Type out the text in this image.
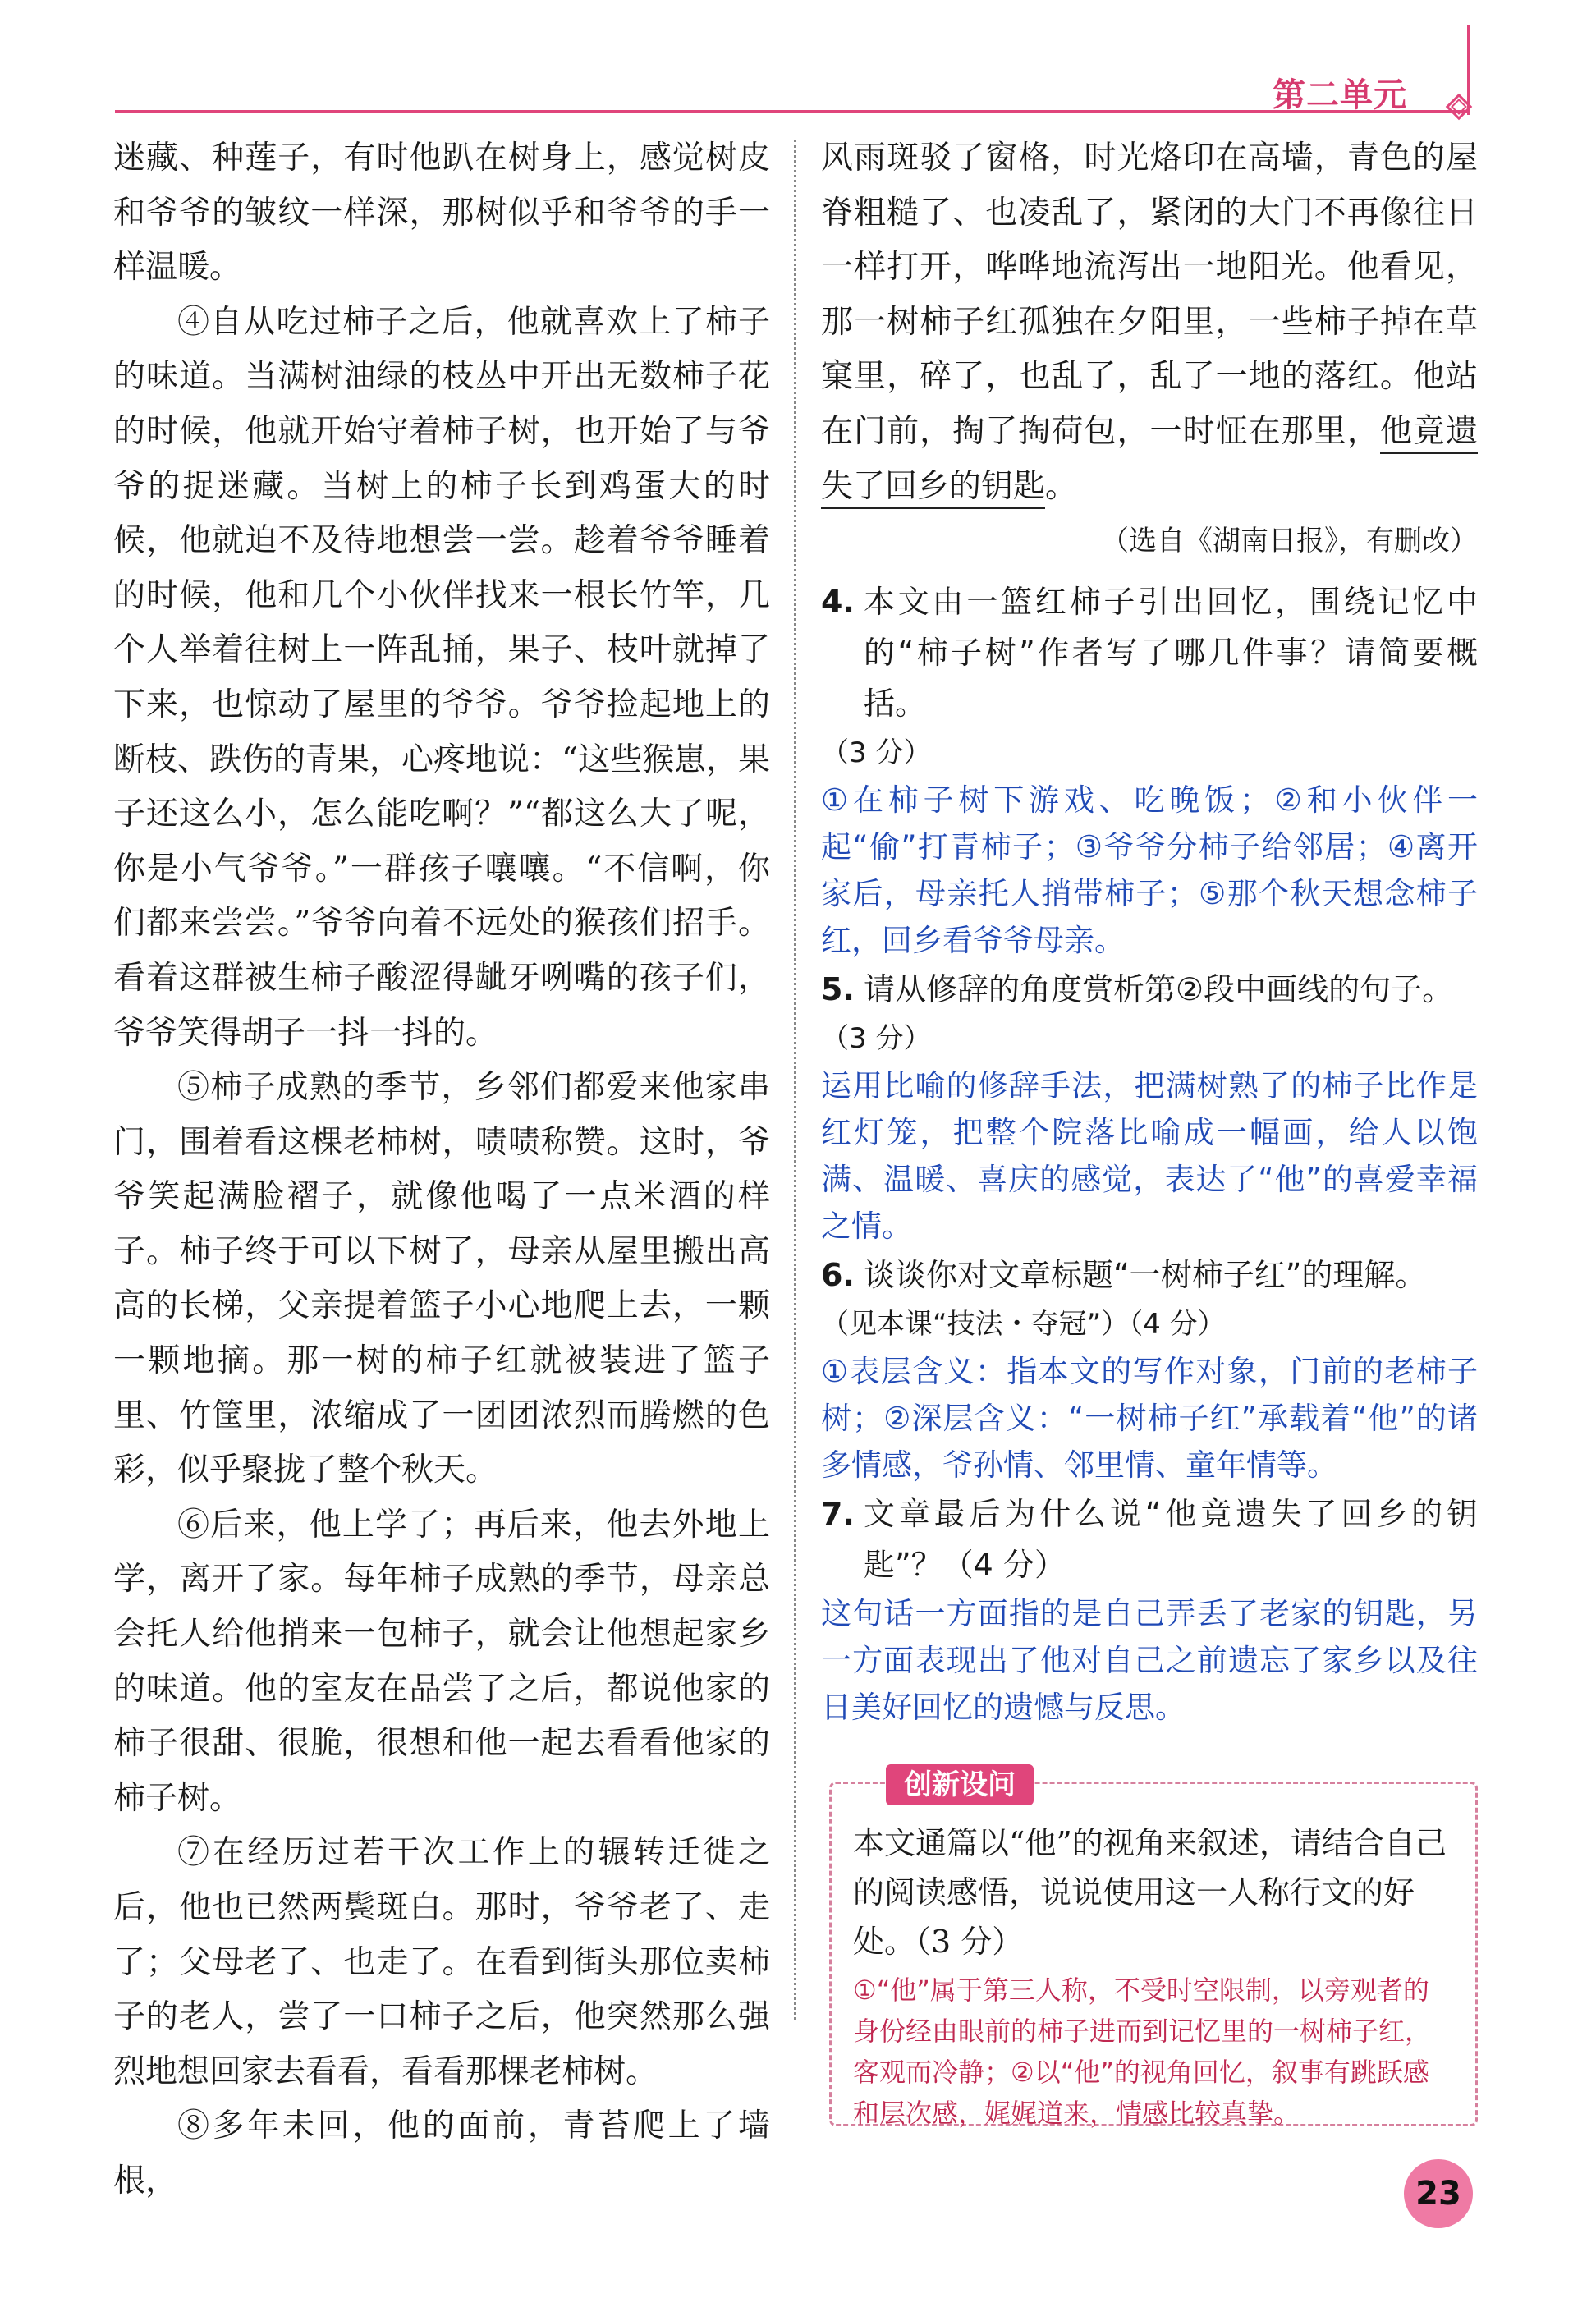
第二单元

迷藏、种莲子，有时他趴在树身上，感觉树皮和爷爷的皱纹一样深，那树似乎和爷爷的手一样温暖。

④自从吃过柿子之后，他就喜欢上了柿子的味道。当满树油绿的枝丛中开出无数柿子花的时候，他就开始守着柿子树，也开始了与爷爷的捉迷藏。当树上的柿子长到鸡蛋大的时候，他就迫不及待地想尝一尝。趁着爷爷睡着的时候，他和几个小伙伴找来一根长竹竿，几个人举着往树上一阵乱捅，果子、枝叶就掉了下来，也惊动了屋里的爷爷。爷爷捡起地上的断枝、跌伤的青果，心疼地说：“这些猴崽，果子还这么小，怎么能吃啊？”“都这么大了呢，你是小气爷爷。”一群孩子嚷嚷。“不信啊，你们都来尝尝。”爷爷向着不远处的猴孩们招手。看着这群被生柿子酸涩得龇牙咧嘴的孩子们，爷爷笑得胡子一抖一抖的。

⑤柿子成熟的季节，乡邻们都爱来他家串门，围着看这棵老柿树，啧啧称赞。这时，爷爷笑起满脸褶子，就像他喝了一点米酒的样子。柿子终于可以下树了，母亲从屋里搬出高高的长梯，父亲提着篮子小心地爬上去，一颗一颗地摘。那一树的柿子红就被装进了篮子里、竹筐里，浓缩成了一团团浓烈而腾燃的色彩，似乎聚拢了整个秋天。

⑥后来，他上学了；再后来，他去外地上学，离开了家。每年柿子成熟的季节，母亲总会托人给他捎来一包柿子，就会让他想起家乡的味道。他的室友在品尝了之后，都说他家的柿子很甜、很脆，很想和他一起去看看他家的柿子树。

⑦在经历过若干次工作上的辗转迁徙之后，他也已然两鬓斑白。那时，爷爷老了、走了；父母老了、也走了。在看到街头那位卖柿子的老人，尝了一口柿子之后，他突然那么强烈地想回家去看看，看看那棵老柿树。

⑧多年未回，他的面前，青苔爬上了墙根，

风雨斑驳了窗格，时光烙印在高墙，青色的屋脊粗糙了、也凌乱了，紧闭的大门不再像往日一样打开，哗哗地流泻出一地阳光。他看见，那一树柿子红孤独在夕阳里，一些柿子掉在草窠里，碎了，也乱了，乱了一地的落红。他站在门前，掏了掏荷包，一时怔在那里，他竟遗失了回乡的钥匙。

（选自《湖南日报》，有删改）

4. 本文由一篮红柿子引出回忆，围绕记忆中的“柿子树”作者写了哪几件事？请简要概括。

（3 分）

①在柿子树下游戏、吃晚饭；②和小伙伴一起“偷”打青柿子；③爷爷分柿子给邻居；④离开家后，母亲托人捎带柿子；⑤那个秋天想念柿子红，回乡看爷爷母亲。

5. 请从修辞的角度赏析第②段中画线的句子。

（3 分）

运用比喻的修辞手法，把满树熟了的柿子比作是红灯笼，把整个院落比喻成一幅画，给人以饱满、温暖、喜庆的感觉，表达了“他”的喜爱幸福之情。

6. 谈谈你对文章标题“一树柿子红”的理解。

（见本课“技法・夺冠”）（4 分）

①表层含义：指本文的写作对象，门前的老柿子树；②深层含义：“一树柿子红”承载着“他”的诸多情感，爷孙情、邻里情、童年情等。

7. 文章最后为什么说“他竟遗失了回乡的钥匙”？（4 分）

这句话一方面指的是自己弄丢了老家的钥匙，另一方面表现出了他对自己之前遗忘了家乡以及往日美好回忆的遗憾与反思。

创新设问

本文通篇以“他”的视角来叙述，请结合自己的阅读感悟，说说使用这一人称行文的好处。（3 分）

①“他”属于第三人称，不受时空限制，以旁观者的身份经由眼前的柿子进而到记忆里的一树柿子红，客观而冷静；②以“他”的视角回忆，叙事有跳跃感和层次感，娓娓道来，情感比较真挚。

23
